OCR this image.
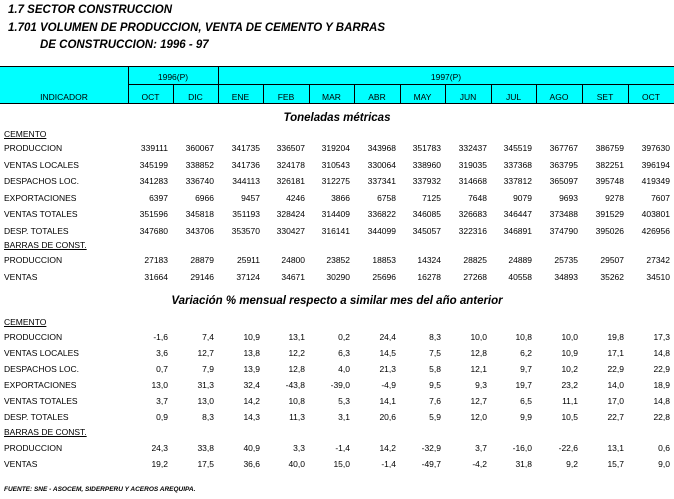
1.7 SECTOR CONSTRUCCION
1.701 VOLUMEN DE PRODUCCION, VENTA DE CEMENTO Y BARRAS
DE CONSTRUCCION: 1996 - 97
INDICADOR
1996(P)	1997(P)
OCT	DIC	ENE	FEB	MAR	ABR	MAY	JUN	JUL	AGO	SET	OCT
Toneladas métricas
CEMENTO
PRODUCCION	339111	360067	341735	336507	319204	343968	351783	332437	345519	367767	386759	397630
VENTAS LOCALES	345199	338852	341736	324178	310543	330064	338960	319035	337368	363795	382251	396194
DESPACHOS LOC.	341283	336740	344113	326181	312275	337341	337932	314668	337812	365097	395748	419349
EXPORTACIONES	6397	6966	9457	4246	3866	6758	7125	7648	9079	9693	9278	7607
VENTAS TOTALES	351596	345818	351193	328424	314409	336822	346085	326683	346447	373488	391529	403801
DESP. TOTALES	347680	343706	353570	330427	316141	344099	345057	322316	346891	374790	395026	426956
BARRAS DE CONST.
PRODUCCION	27183	28879	25911	24800	23852	18853	14324	28825	24889	25735	29507	27342
VENTAS	31664	29146	37124	34671	30290	25696	16278	27268	40558	34893	35262	34510
Variación % mensual respecto a similar mes del año anterior
CEMENTO
PRODUCCION	-1,6	7,4	10,9	13,1	0,2	24,4	8,3	10,0	10,8	10,0	19,8	17,3
VENTAS LOCALES	3,6	12,7	13,8	12,2	6,3	14,5	7,5	12,8	6,2	10,9	17,1	14,8
DESPACHOS LOC.	0,7	7,9	13,9	12,8	4,0	21,3	5,8	12,1	9,7	10,2	22,9	22,9
EXPORTACIONES	13,0	31,3	32,4	-43,8	-39,0	-4,9	9,5	9,3	19,7	23,2	14,0	18,9
VENTAS TOTALES	3,7	13,0	14,2	10,8	5,3	14,1	7,6	12,7	6,5	11,1	17,0	14,8
DESP. TOTALES	0,9	8,3	14,3	11,3	3,1	20,6	5,9	12,0	9,9	10,5	22,7	22,8
BARRAS DE CONST.
PRODUCCION	24,3	33,8	40,9	3,3	-1,4	14,2	-32,9	3,7	-16,0	-22,6	13,1	0,6
VENTAS	19,2	17,5	36,6	40,0	15,0	-1,4	-49,7	-4,2	31,8	9,2	15,7	9,0
FUENTE: SNE - ASOCEM, SIDERPERU Y ACEROS AREQUIPA.
